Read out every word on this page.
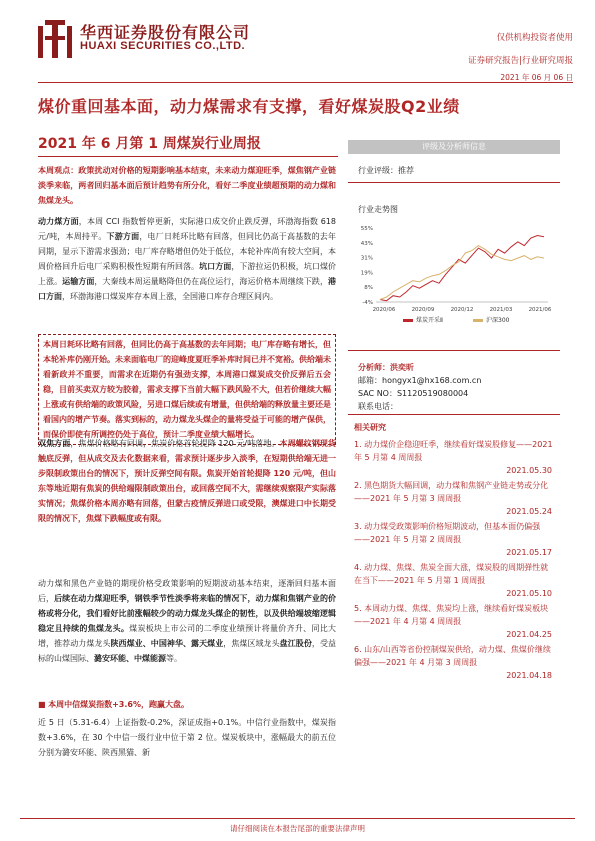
华西证券股份有限公司
HUAXI SECURITIES CO.,LTD.
仅供机构投资者使用
证券研究报告|行业研究周报
2021 年 06 月 06 日
煤价重回基本面，动力煤需求有支撑，看好煤炭股Q2业绩
2021 年 6 月第 1 周煤炭行业周报

本周观点：政策扰动对价格的短期影响基本结束，未来动力煤迎旺季，煤焦钢产业链淡季来临，两者回归基本面后预计趋势有所分化，看好二季度业绩超预期的动力煤和焦煤龙头。

动力煤方面，本周 CCI 指数暂停更新，实际港口成交价止跌反弹，环渤海指数 618 元/吨，本周持平。下游方面，电厂日耗环比略有回落，但同比仍高于高基数的去年同期，显示下游需求强劲；电厂库存略增但仍处于低位，本轮补库尚有较大空间，本周价格回升后电厂采购积极性短期有所回落。坑口方面，下游拉运仍积极，坑口煤价上涨。运输方面，大秦线本周运量略降但仍在高位运行，海运价格本周继续下跌，港口方面，环渤海港口煤炭库存本周上涨，全国港口库存合理区间内。

本周日耗环比略有回落，但同比仍高于高基数的去年同期；电厂库存略有增长，但本轮补库仍刚开始。未来面临电厂的迎峰度夏旺季补库时间已并不宽裕。供给端未看新政并不重要，而需求在近期仍有强劲支撑，本周港口煤炭成交价反弹后五会稳，目前买卖双方较为胶着，需求支撑下当前大幅下跌风险不大，但若价继续大幅上涨或有供给端的政策风险，另进口煤后续或有增量，但供给端的释放量主要还是看国内的增产节奏。落实到标的，动力煤龙头煤企的量将受益于可能的增产保供，而保价即使有所调控仍处于高位，预计二季度业绩大幅增长。

双焦方面，焦煤价格略有回调，焦炭价格首轮提降 120 元/吨落地。本周螺纹钢现货触底反弹，但从成交及去化数据来看，需求预计逐步步入淡季，在短期供给端无进一步限制政策出台的情况下，预计反弹空间有限。焦炭开始首轮提降 120 元/吨，但山东等地近期有焦炭的供给端限制政策出台，或回落空间不大，需继续观察限产实际落实情况；焦煤价格本周亦略有回落，但蒙古疫情反弹进口或受限，澳煤进口中长期受限的情况下，焦煤下跌幅度或有限。

动力煤和黑色产业链的期现价格受政策影响的短期波动基本结束，逐渐回归基本面后，后续在动力煤迎旺季，钢铁季节性淡季将来临的情况下，动力煤和焦钢产业的价格或将分化，我们看好比前涨幅较少的动力煤龙头煤企的韧性，以及供给端坡缩逻辑稳定且持续的焦煤龙头。煤炭板块上市公司的二季度业绩预计将量价齐升、同比大增，推荐动力煤龙头陕西煤业、中国神华、露天煤业，焦煤区域龙头盘江股份，受益标的山煤国际、潞安环能、中煤能源等。

■ 本周中信煤炭指数+3.6%，跑赢大盘。

近 5 日（5.31-6.4）上证指数-0.2%，深证成指+0.1%。中信行业指数中，煤炭指数+3.6%，在 30 个中信一级行业中位于第 2 位。煤炭板块中，涨幅最大的前五位分别为潞安环能、陕西黑猫、新

评级及分析师信息
行业评级：推荐
行业走势图
55%
43%
31%
19%
8%
-4%
2020/06	2020/09	2020/12	2021/03	2021/06
煤炭开采Ⅱ	沪深300
分析师：洪奕昕
邮箱：hongyx1@hx168.com.cn
SAC NO：S1120519080004
联系电话：
相关研究
1. 动力煤价企稳迎旺季，继续看好煤炭股修复——2021 年 5 月第 4 周周报
2021.05.30
2. 黑色期货大幅回调，动力煤和焦钢产业链走势或分化——2021 年 5 月第 3 周周报
2021.05.24
3. 动力煤受政策影响价格短期波动，但基本面仍偏强——2021 年 5 月第 2 周周报
2021.05.17
4. 动力煤、焦煤、焦炭全面大涨，煤炭股的周期弹性就在当下——2021 年 5 月第 1 周周报
2021.05.10
5. 本周动力煤、焦煤、焦炭均上涨，继续看好煤炭板块——2021 年 4 月第 4 周周报
2021.04.25
6. 山东/山西等省份控制煤炭供给，动力煤、焦煤价继续偏强——2021 年 4 月第 3 周周报
2021.04.18
请仔细阅读在本报告尾部的重要法律声明
